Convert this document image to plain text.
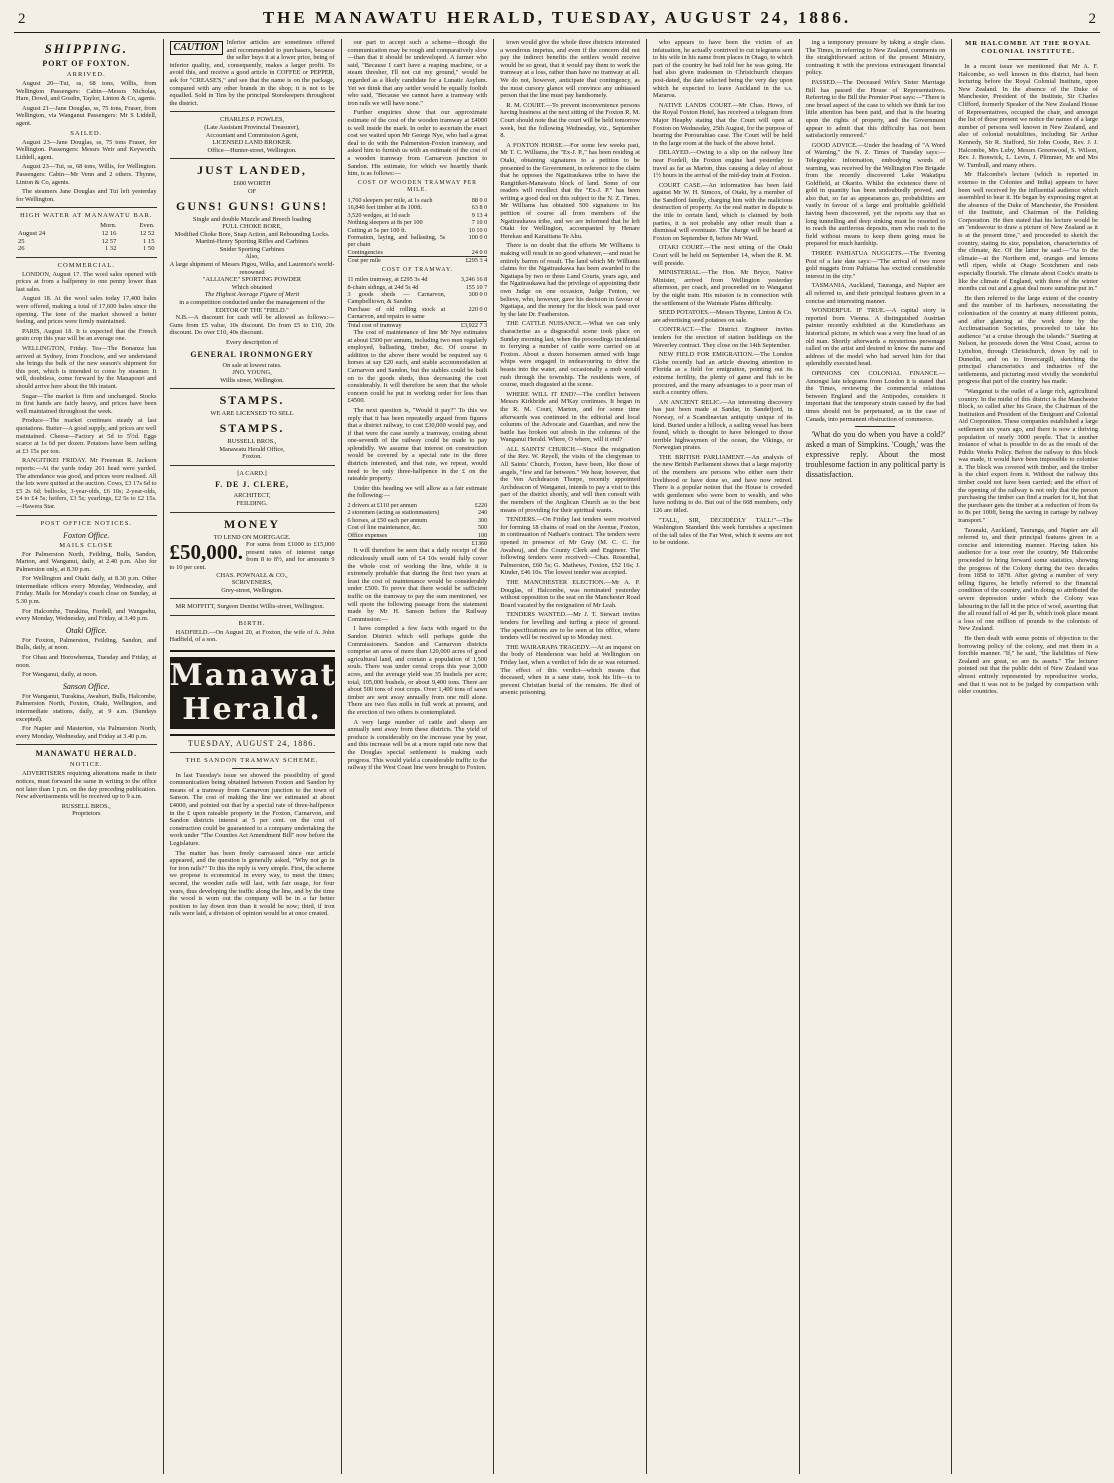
2	THE MANAWATU HERALD, TUESDAY, AUGUST 24, 1886.	2
SHIPPING.
PORT OF FOXTON.
ARRIVED.

August 20—Tui, ss, 68 tons, Willis, from Wellington Passengers: Cabin—Messrs Nicholas, Hare, Dowd, and Gosdin, Taylor, Linton & Co, agents.

August 21—Jane Douglas, ss, 75 tons, Fraser, from Wellington, via Wanganui Passengers: Mr S Liddell, agent.

SAILED.

August 23—Jane Douglas, ss, 75 tons Fraser, for Wellington. Passengers: Messrs Weir and Keyworth. Liddell, agent.

August 23—Tui, ss, 68 tons, Willis, for Wellington. Passengers: Cabin—Mr Venn and 2 others. Thynne, Linton & Co, agents.

The steamers Jane Douglas and Tui left yesterday for Wellington.

HIGH WATER AT MANAWATU BAR.
	Morn.	Even.
August 24	12 16	12 52
25	12 57	1 15
26	1 32	1 50
COMMERCIAL.

LONDON, August 17. The wool sales opened with prices at from a halfpenny to one penny lower than last sales.

August 18. At the wool sales today 17,400 bales were offered, making a total of 17,600 bales since the opening. The tone of the market showed a better feeling, and prices were firmly maintained.

PARIS, August 18. It is expected that the French grain crop this year will be an average one.

WELLINGTON, Friday. Tea—The Bonanza has arrived at Sydney, from Foochow, and we understand she brings the bulk of the new season's shipment for this port, which is intended to come by steamer. It will, doubtless, come forward by the Manapouri and should arrive here about the 9th instant.

Sugar—The market is firm and unchanged. Stocks in first hands are fairly heavy, and prices have been well maintained throughout the week.

Produce—The market continues steady at last quotations. Butter—A good supply, and prices are well maintained. Cheese—Factory at 5d to 5½d. Eggs scarce at 1s 6d per dozen. Potatoes have been selling at £3 15s per ton.

RANGITIKEI FRIDAY. Mr Freeman R. Jackson reports:—At the yards today 261 head were yarded. The attendance was good, and prices were realised. All the lots were quitted at the auction. Cows, £3 17s 6d to £5 2s 6d; bullocks, 3-year-olds, £6 10s; 2-year-olds, £4 to £4 5s; heifers, £3 5s; yearlings, £2 5s to £2 15s.—Hawera Star.

POST OFFICE NOTICES.
Foxton Office.
MAILS CLOSE

For Palmerston North, Feilding, Bulls, Sandon, Marton, and Wanganui, daily, at 2.40 p.m. Also for Palmerston only, at 8.30 p.m.

For Wellington and Otaki daily, at 8.30 p.m. Other intermediate offices every Monday, Wednesday, and Friday. Mails for Monday's coach close on Sunday, at 5.30 p.m.

For Halcombe, Turakina, Fordell, and Wangaehu, every Monday, Wednesday, and Friday, at 3.40 p.m.

Otaki Office.

For Foxton, Palmerston, Feilding, Sandon, and Bulls, daily, at noon.

For Ohau and Horowhenua, Tuesday and Friday, at noon.

For Wanganui, daily, at noon.

Sanson Office.

For Wanganui, Turakina, Awahuri, Bulls, Halcombe, Palmerston North, Foxton, Otaki, Wellington, and intermediate stations, daily, at 9 a.m. (Sundays excepted).

For Napier and Masterton, via Palmerston North, every Monday, Wednesday, and Friday at 3.40 p.m.

MANAWATU HERALD.
NOTICE.

ADVERTISERS requiring alterations made in their notices, must forward the same in writing to the office not later than 1 p.m. on the day preceding publication. New advertisements will be received up to 9 a.m.

RUSSELL BROS.,
Proprietors
CAUTION	Inferior articles are sometimes offered and recommended to purchasers, because the seller buys it at a lower price, being of inferior quality, and, consequently, makes a larger profit. To avoid this, and receive a good article in COFFEE or PEPPER, ask for "CREASE'S," and see that the name is on the package, compared with any other brands in the shop; it is not to be equalled. Sold in Tins by the principal Storekeepers throughout the district.
CHARLES P. FOWLES,
(Late Assistant Provincial Treasurer),
Accountant and Commission Agent,
LICENSED LAND BROKER.
Office—Hunter-street, Wellington.
JUST LANDED,
£600 WORTH
OF
GUNS! GUNS! GUNS!
Single and double Muzzle and Breech loading
FULL CHOKE BORE,
Modified Choke Bore, Snap Action, and Rebounding Locks.
Martini-Henry Sporting Rifles and Carbines
Snider Sporting Carbines
Also,
A large shipment of Messrs Pigou, Wilks, and Laurence's world-renowned
"ALLIANCE" SPORTING POWDER
Which obtained
The Highest Average Figure of Merit
in a competition conducted under the management of the
EDITOR OF THE "FIELD."

N.B.—A discount for cash will be allowed as follows:— Guns from £5 value, 10s discount. Do from £5 to £10, 20s discount. Do over £10, 40s discount.

Every description of
GENERAL IRONMONGERY
On sale at lowest rates.
JNO. YOUNG,
Willis street, Wellington.
STAMPS.
WE ARE LICENSED TO SELL
STAMPS.
RUSSELL BROS.,
Manawatu Herald Office,
Foxton.
[A CARD.]
F. DE J. CLERE,
ARCHITECT,
FEILDING.
MONEY
TO LEND ON MORTGAGE.
£50,000. For sums from £1000 to £15,000 present rates of interest range from 8 to 8½, and for amounts 9 to 10 per cent.
CHAS. POWNALL & CO.,
SCRIVENERS,
Grey-street, Wellington.

MR MOFFITT, Surgeon Dentist Willis-street, Wellington.

BIRTH.

HADFIELD.—On August 20, at Foxton, the wife of A. John Hadfield, of a son.

Manawatu Herald.
TUESDAY, AUGUST 24, 1886.
THE SANDON TRAMWAY SCHEME.

In last Tuesday's issue we showed the possibility of good communication being obtained between Foxton and Sandon by means of a tramway from Carnarvon junction to the town of Sanson. The cost of making the line we estimated at about £4000, and pointed out that by a special rate of three-halfpence in the £ upon rateable property in the Foxton, Carnarvon, and Sandon districts interest at 5 per cent. on the cost of construction could be guaranteed to a company undertaking the work under "The Counties Act Amendment Bill" now before the Legislature.

The matter has been freely canvassed since our article appeared, and the question is generally asked, "Why not go in for iron rails?" To this the reply is very simple. First, the scheme we propose is economical in every way, to meet the times; second, the wooden rails will last, with fair usage, for four years, thus developing the traffic along the line, and by the time the wood is worn out the company will be in a far better position to lay down iron than it would be now; third, if iron rails were laid, a division of opinion would be at once created.

our part to accept such a scheme—though the communication may be rough and comparatively slow—than that it should be undeveloped. A farmer who said, "Because I can't have a reaping machine, or a steam thresher, I'll not cut my ground," would be regarded as a likely candidate for a Lunatic Asylum. Yet we think that any settler would be equally foolish who said, "Because we cannot have a tramway with iron rails we will have none."

Further enquiries show that our approximate estimate of the cost of the wooden tramway at £4000 is well inside the mark. In order to ascertain the exact cost we waited upon Mr George Nye, who had a great deal to do with the Palmerston-Foxton tramway, and asked him to furnish us with an estimate of the cost of a wooden tramway from Carnarvon junction to Sandon. His estimate, for which we heartily thank him, is as follows:—

COST OF WOODEN TRAMWAY PER MILE.
1,760 sleepers per mile, at 1s each	88 0 0
16,840 feet timber at 8s 100ft.	63 8 0
3,520 wedges, at 1d each	9 13 4
Nothing sleepers at 8s per 100	7 10 0
Cutting at 5s per 100 ft.	10 10 0
Formation, laying, and ballasting, 5s per chain	100 0 0
Contingencies	24 0 0
Cost per mile	£295 3 4
COST OF TRAMWAY.
11 miles tramway, at £295 3s 4d	3,246 16 8
8-chain sidings, at 24d 5s 4d	155 10 7
3 goods sheds — Carnarvon, Campbelltown, & Sandon	300 0 0
Purchase of old rolling stock at Carnarvon, and repairs to same	220 0 0
Total cost of tramway	£3,922 7 3

The cost of maintenance of line Mr Nye estimates at about £500 per annum, including two men regularly employed, ballasting, timber, &c. Of course in addition to the above there would be required say 6 horses at say £20 each, and stable accommodation at Carnarvon and Sandon, but the stables could be built on to the goods sheds, thus decreasing the cost considerably. It will therefore be seen that the whole concern could be put in working order for less than £4500.

The next question is, "Would it pay?" To this we reply that it has been repeatedly argued from figures that a district railway, to cost £30,000 would pay, and if that were the case surely a tramway, costing about one-seventh of the railway could be made to pay splendidly. We assume that interest on construction would be covered by a special rate in the three districts interested, and that rate, we repeat, would need to be only three-halfpence in the £ on the rateable property.

Under this heading we will allow as a fair estimate the following:—

2 drivers at £110 per annum	£220
2 storemen (acting as stationmasters)	240
6 horses, at £50 each per annum	300
Cost of line maintenance, &c.	500
Office expenses	100
	£1360

It will therefore be seen that a daily receipt of the ridiculously small sum of £4 10s would fully cover the whole cost of working the line, while it is extremely probable that during the first two years at least the cost of maintenance would be considerably under £500. To prove that there would be sufficient traffic on the tramway to pay the sum mentioned, we will quote the following passage from the statement made by Mr H. Sanson before the Railway Commission:—

I have compiled a few facts with regard to the Sandon District which will perhaps guide the Commissioners. Sandon and Carnarvon districts comprise an area of more than 120,000 acres of good agricultural land, and contain a population of 1,500 souls. There was under cereal crops this year 3,000 acres, and the average yield was 35 bushels per acre; total, 105,000 bushels, or about 9,400 tons. There are about 500 tons of root crops. Over 1,400 tons of sawn timber are sent away annually from one mill alone. There are two flax mills in full work at present, and the erection of two others is contemplated.

A very large number of cattle and sheep are annually sent away from these districts. The yield of produce is considerably on the increase year by year, and this increase will be at a more rapid rate now that the Douglas special settlement is making such progress. This would yield a considerable traffic to the railway if the West Coast line were brought to Foxton.

town would give the whole three districts interested a wondrous impetus, and even if the concern did not pay the indirect benefits the settlers would receive would be so great, that it would pay them to work the tramway at a loss, rather than have no tramway at all. We do not, however, anticipate that contingency, as the most cursory glance will convince any unbiassed person that the line must pay handsomely.

R. M. COURT.—To prevent inconvenience persons having business at the next sitting of the Foxton R. M. Court should note that the court will be held tomorrow week, but the following Wednesday, viz., September 8.

A FOXTON HORSE.—For some few weeks past, Mr T. C. Williams, the "Ex-J. P.," has been residing at Otaki, obtaining signatures to a petition to be presented to the Government, in reference to the claim that he opposes the Ngatiraukawa tribe to have the Rangitikei-Manawatu block of land. Some of our readers will recollect that the "Ex-J. P." has been writing a good deal on this subject to the N. Z. Times. Mr Williams has obtained 500 signatures to his petition of course all from members of the Ngatiraukawa tribe, and we are informed that he left Otaki for Wellington, accompanied by Henare Herekau and Karaitiana Te Ahu.

There is no doubt that the efforts Mr Williams is making will result in no good whatever,—and must be entirely barren of result. The land which Mr Williams claims for the Ngatiraukawa has been awarded to the Ngatiapa by two or three Land Courts, years ago, and the Ngatiraukawa had the privilege of appointing their own Judge on one occasion, Judge Fenton, we believe, who, however, gave his decision in favour of Ngatiapa, and the money for the block was paid over by the late Dr. Featherston.

THE CATTLE NUISANCE.—What we can only characterise as a disgraceful scene took place on Sunday morning last, when the proceedings incidental to ferrying a number of cattle were carried on at Foxton. About a dozen horsemen armed with huge whips were engaged in endeavouring to drive the beasts into the water, and occasionally a mob would rush through the township. The residents were, of course, much disgusted at the scene.

WHERE WILL IT END?—The conflict between Messrs Kirkbride and M'Kay continues. It began in the R. M. Court, Marton, and for some time afterwards was continued in the editorial and local columns of the Advocate and Guardian, and now the battle has broken out afresh in the columns of the Wanganui Herald. Where, O where, will it end?

ALL SAINTS' CHURCH.—Since the resignation of the Rev. W. Reyell, the visits of the clergyman to All Saints' Church, Foxton, have been, like those of angels, "few and far between." We hear, however, that the Ven Archdeacon Thorpe, recently appointed Archdeacon of Wanganui, intends to pay a visit to this part of the district shortly, and will then consult with the members of the Anglican Church as to the best means of providing for their spiritual wants.

TENDERS.—On Friday last tenders were received for forming 18 chains of road on the Avenue, Foxton, in continuation of Nathan's contract. The tenders were opened in presence of Mr Gray (M. C. C. for Awahou), and the County Clerk and Engineer. The following tenders were received:—Chas. Rosenthal, Palmerston, £60 5s; G. Mathews, Foxton, £52 16s; J. Kinder, £46 10s. The lowest tender was accepted.

THE MANCHESTER ELECTION.—Mr A. P. Douglas, of Halcombe, was nominated yesterday without opposition to the seat on the Manchester Road Board vacated by the resignation of Mr Leah.

TENDERS WANTED.—Mr J. T. Stewart invites tenders for levelling and turfing a piece of ground. The specifications are to be seen at his office, where tenders will be received up to Monday next.

THE WAIRARAPA TRAGEDY.—At an inquest on the body of Henderson was held at Wellington on Friday last, when a verdict of felo de se was returned. The effect of this verdict—which means that deceased, when in a sane state, took his life—is to prevent Christian burial of the remains. He died of arsenic poisoning.

who appears to have been the victim of an infatuation, he actually contrived to cut telegrams sent to his wife in his name from places in Otago, to which part of the country he had told her he was going. He had also given tradesmen in Christchurch cheques post-dated, the date selected being the very day upon which he expected to leave Auckland in the s.s. Mararoa.

NATIVE LANDS COURT.—Mr Chas. Hows, of the Royal Foxton Hotel, has received a telegram from Major Heaphy stating that the Court will open at Foxton on Wednesday, 25th August, for the purpose of hearing the Porourahiao case. The Court will be held in the large room at the back of the above hotel.

DELAYED.—Owing to a slip on the railway line near Fordell, the Foxton engine had yesterday to travel as far as Marton, thus causing a delay of about 1½ hours in the arrival of the mid-day train at Foxton.

COURT CASE.—An information has been laid against Mr W. H. Simcox, of Otaki, by a member of the Sandford family, charging him with the malicious destruction of property. As the real matter in dispute is the title to certain land, which is claimed by both parties, it is not probable any other result than a dismissal will eventuate. The charge will be heard at Foxton on September 8, before Mr Ward.

OTAKI COURT.—The next sitting of the Otaki Court will be held on September 14, when the R. M. will preside.

MINISTERIAL.—The Hon. Mr Bryce, Native Minister, arrived from Wellington yesterday afternoon, per coach, and proceeded on to Wanganui by the night train. His mission is in connection with the settlement of the Waimate Plains difficulty.

SEED POTATOES.—Messrs Thynne, Linton & Co. are advertising seed potatoes on sale.

CONTRACT.—The District Engineer invites tenders for the erection of station buildings on the Waverley contract. They close on the 14th September.

NEW FIELD FOR EMIGRATION.—The London Globe recently had an article drawing attention to Florida as a field for emigration, pointing out its extreme fertility, the plenty of game and fish to be procured, and the many advantages to a poor man of such a country offers.

AN ANCIENT RELIC.—An interesting discovery has just been made at Sandar, in Sandefjord, in Norway, of a Scandinavian antiquity unique of its kind. Buried under a hillock, a sailing vessel has been found, which is thought to have belonged to those terrible highwaymen of the ocean, the Vikings, or Norwegian pirates.

THE BRITISH PARLIAMENT.—An analysis of the new British Parliament shows that a large majority of the members are persons who either earn their livelihood or have done so, and have now retired. There is a popular notion that the House is crowded with gentlemen who were born to wealth, and who have nothing to do. But out of the 668 members, only 126 are titled.

"TALL, SIR, DECIDEDLY TALL!"—The Washington Standard this week furnishes a specimen of the tall tales of the Far West, which it seems are not to be outdone.

ing a temporary pressure by taking a single class. The Times, in referring to New Zealand, comments on the straightforward action of the present Ministry, contrasting it with the previous extravagant financial policy.

PASSED.—The Deceased Wife's Sister Marriage Bill has passed the House of Representatives. Referring to the Bill the Premier Post says:—"There is one broad aspect of the case to which we think far too little attention has been paid, and that is the bearing upon the rights of property, and the Government appear to admit that this difficulty has not been satisfactorily removed."

GOOD ADVICE.—Under the heading of "A Word of Warning," the N. Z. Times of Tuesday says:—Telegraphic information, embodying words of warning, was received by the Wellington Fire Brigade from the recently discovered Lake Wakatipu Goldfield, at Okarito. Whilst the existence there of gold in quantity has been undoubtedly proved, and also that, so far as appearances go, probabilities are vastly in favour of a large and profitable goldfield having been discovered, yet the reports say that so long tunnelling and deep sinking must be resorted to to reach the auriferous deposits, men who rush to the field without means to keep them going must be prepared for much hardship.

THREE PAHIATUA NUGGETS.—The Evening Post of a late date says:—"The arrival of two more gold nuggets from Pahiatua has excited considerable interest in the city."

TASMANIA, Auckland, Tauranga, and Napier are all referred to, and their principal features given in a concise and interesting manner.

WONDERFUL IF TRUE.—A capital story is reported from Vienna. A distinguished Austrian painter recently exhibited at the Kunstlerhaus an historical picture, in which was a very fine head of an old man. Shortly afterwards a mysterious personage called on the artist and desired to know the name and address of the model who had served him for that splendidly executed head.

OPINIONS ON COLONIAL FINANCE.—Amongst late telegrams from London it is stated that the Times, reviewing the commercial relations between England and the Antipodes, considers it important that the temporary strain caused by the bad times should not be perpetuated, as in the case of Canada, into permanent obstruction of commerce.

'What do you do when you have a cold?' asked a man of Simpkins. 'Cough,' was the expressive reply. About the most troublesome faction in any political party is dissatisfaction.

MR HALCOMBE AT THE ROYAL COLONIAL INSTITUTE.

In a recent issue we mentioned that Mr A. F. Halcombe, so well known in this district, had been lecturing before the Royal Colonial Institute, upon New Zealand. In the absence of the Duke of Manchester, President of the Institute, Sir Charles Clifford, formerly Speaker of the New Zealand House of Representatives, occupied the chair, and amongst the list of those present we notice the names of a large number of persons well known in New Zealand, and also of colonial notabilities, including Sir Arthur Kennedy, Sir R. Stafford, Sir John Coode, Rev. J. J. Halcombe, Mrs Luby, Messrs Greenwood, S. Wilson, Rev. J. Bonwick, L. Levin, J. Plimmer, Mr and Mrs W. Turnbull, and many others.

Mr Halcombe's lecture (which is reported in extenso in the Colonies and India) appears to have been well received by the influential audience which assembled to hear it. He began by expressing regret at the absence of the Duke of Manchester, the President of the Institute, and Chairman of the Feilding Corporation. He then stated that his lecture would be an "endeavour to draw a picture of New Zealand as it is at the present time," and proceeded to sketch the country, stating its size, population, characteristics of the climate, &c. Of the latter he said:—"As to the climate—at the Northern end, oranges and lemons will ripen, while at Otago Scotchmen and oats especially flourish. The climate about Cook's straits is like the climate of England, with three of the winter months cut out and a great deal more sunshine put in."

He then referred to the large extent of the country and the number of its harbours, necessitating the colonisation of the country at many different points, and after glancing at the work done by the Acclimatisation Societies, proceeded to take his audience "at a cruise through the islands." Starting at Nelson, he proceeds down the West Coast, across to Lyttelton, through Christchurch, down by rail to Dunedin, and on to Invercargill, sketching the principal characteristics and industries of the settlements, and picturing most vividly the wonderful progress that part of the country has made.

"Wanganui is the outlet of a large rich, agricultural country. In the midst of this district is the Manchester Block, so called after his Grace, the Chairman of the Institution and President of the Emigrant and Colonial Aid Corporation. These companies established a large settlement six years ago, and there is now a thriving population of nearly 3000 people. That is another instance of what is possible to do as the result of the Public Works Policy. Before the railway to this block was made, it would have been impossible to colonise it. The block was covered with timber, and the timber is the chief export from it. Without the railway this timber could not have been carried; and the effect of the opening of the railway is not only that the person purchasing the timber can find a market for it, but that the purchaser gets the timber at a reduction of from 6s to 8s per 100ft, being the saving in cartage by railway transport."

Taranaki, Auckland, Tauranga, and Napier are all referred to, and their principal features given in a concise and interesting manner. Having taken his audience for a tour over the country, Mr Halcombe proceeded to bring forward some statistics, showing the progress of the Colony during the two decades from 1858 to 1878. After giving a number of very telling figures, he briefly referred to the financial condition of the country, and in doing so attributed the severe depression under which the Colony was labouring to the fall in the price of wool, asserting that the all round fall of 4d per lb, which took place meant a loss of one million of pounds to the colonists of New Zealand.

He then dealt with some points of objection to the borrowing policy of the colony, and met them in a forcible manner. "If," he said, "the liabilities of New Zealand are great, so are its assets." The lecturer pointed out that the public debt of New Zealand was almost entirely represented by reproductive works, and that it was not to be judged by comparison with older countries.
